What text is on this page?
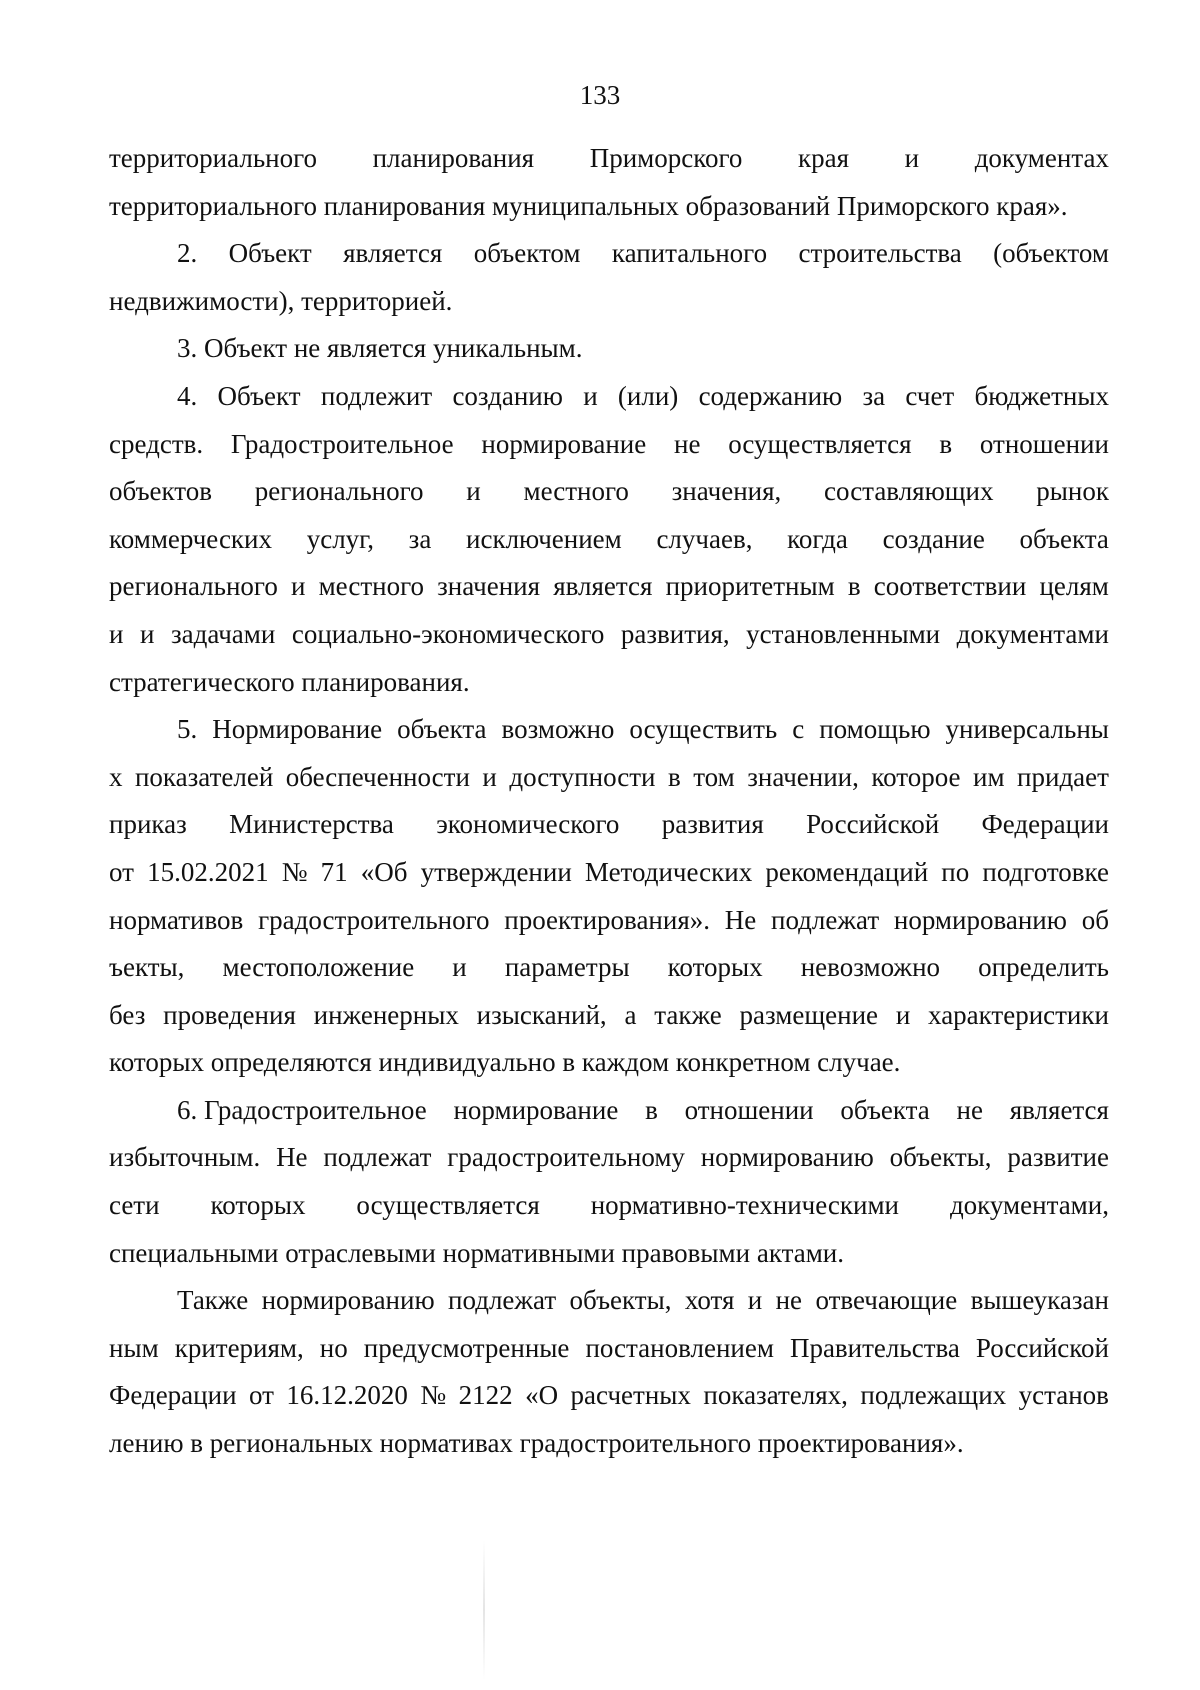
133
территориального планирования Приморского края и документах
территориального планирования муниципальных образований Приморского края».
2. Объект является объектом капитального строительства (объектом
недвижимости), территорией.
3. Объект не является уникальным.
4. Объект подлежит созданию и (или) содержанию за счет бюджетных
средств. Градостроительное нормирование не осуществляется в отношении
объектов регионального и местного значения, составляющих рынок
коммерческих услуг, за исключением случаев, когда создание объекта
регионального и местного значения является приоритетным в соответствии целям
и и задачами социально-экономического развития, установленными документами
стратегического планирования.
5. Нормирование объекта возможно осуществить с помощью универсальны
х показателей обеспеченности и доступности в том значении, которое им придает
приказ Министерства экономического развития Российской Федерации
от 15.02.2021 № 71 «Об утверждении Методических рекомендаций по подготовке
нормативов градостроительного проектирования». Не подлежат нормированию об
ъекты, местоположение и параметры которых невозможно определить
без проведения инженерных изысканий, а также размещение и характеристики
которых определяются индивидуально в каждом конкретном случае.
6. Градостроительное нормирование в отношении объекта не является
избыточным. Не подлежат градостроительному нормированию объекты, развитие
сети которых осуществляется нормативно-техническими документами,
специальными отраслевыми нормативными правовыми актами.
Также нормированию подлежат объекты, хотя и не отвечающие вышеуказан
ным критериям, но предусмотренные постановлением Правительства Российской
Федерации от 16.12.2020 № 2122 «О расчетных показателях, подлежащих установ
лению в региональных нормативах градостроительного проектирования».
